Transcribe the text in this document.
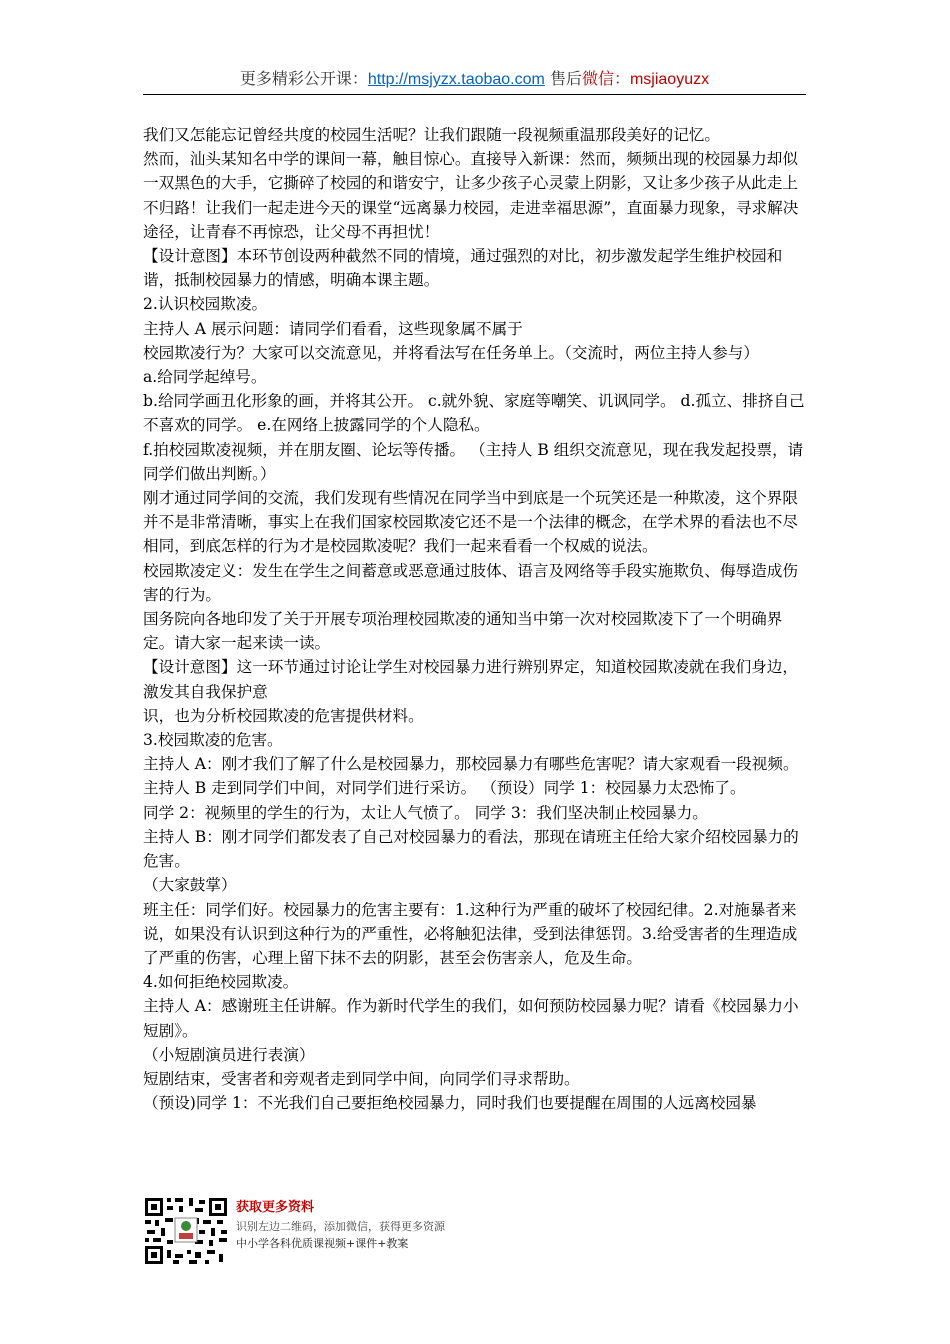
更多精彩公开课：http://msjyzx.taobao.com 售后微信：msjiaoyuzx

我们又怎能忘记曾经共度的校园生活呢？让我们跟随一段视频重温那段美好的记忆。

然而，汕头某知名中学的课间一幕，触目惊心。直接导入新课：然而，频频出现的校园暴力却似一双黑色的大手，它撕碎了校园的和谐安宁，让多少孩子心灵蒙上阴影，又让多少孩子从此走上不归路！让我们一起走进今天的课堂“远离暴力校园，走进幸福思源”，直面暴力现象，寻求解决途径，让青春不再惊恐，让父母不再担忧！

【设计意图】本环节创设两种截然不同的情境，通过强烈的对比，初步激发起学生维护校园和谐，抵制校园暴力的情感，明确本课主题。

2.认识校园欺凌。

主持人 A 展示问题：请同学们看看，这些现象属不属于

校园欺凌行为？大家可以交流意见，并将看法写在任务单上。（交流时，两位主持人参与）

a.给同学起绰号。

b.给同学画丑化形象的画，并将其公开。 c.就外貌、家庭等嘲笑、讥讽同学。 d.孤立、排挤自己不喜欢的同学。 e.在网络上披露同学的个人隐私。

f.拍校园欺凌视频，并在朋友圈、论坛等传播。 （主持人 B 组织交流意见，现在我发起投票，请同学们做出判断。）

刚才通过同学间的交流，我们发现有些情况在同学当中到底是一个玩笑还是一种欺凌，这个界限并不是非常清晰，事实上在我们国家校园欺凌它还不是一个法律的概念，在学术界的看法也不尽相同，到底怎样的行为才是校园欺凌呢？我们一起来看看一个权威的说法。

校园欺凌定义：发生在学生之间蓄意或恶意通过肢体、语言及网络等手段实施欺负、侮辱造成伤害的行为。

国务院向各地印发了关于开展专项治理校园欺凌的通知当中第一次对校园欺凌下了一个明确界定。请大家一起来读一读。

【设计意图】这一环节通过讨论让学生对校园暴力进行辨别界定，知道校园欺凌就在我们身边，激发其自我保护意

识，也为分析校园欺凌的危害提供材料。

3.校园欺凌的危害。

主持人 A：刚才我们了解了什么是校园暴力，那校园暴力有哪些危害呢？请大家观看一段视频。

主持人 B 走到同学们中间，对同学们进行采访。 （预设）同学 1：校园暴力太恐怖了。

同学 2：视频里的学生的行为，太让人气愤了。 同学 3：我们坚决制止校园暴力。

主持人 B：刚才同学们都发表了自己对校园暴力的看法，那现在请班主任给大家介绍校园暴力的危害。

（大家鼓掌）

班主任：同学们好。校园暴力的危害主要有：1.这种行为严重的破坏了校园纪律。2.对施暴者来说，如果没有认识到这种行为的严重性，必将触犯法律，受到法律惩罚。3.给受害者的生理造成了严重的伤害，心理上留下抹不去的阴影，甚至会伤害亲人，危及生命。

4.如何拒绝校园欺凌。

主持人 A：感谢班主任讲解。作为新时代学生的我们，如何预防校园暴力呢？请看《校园暴力小短剧》。

（小短剧演员进行表演）

短剧结束，受害者和旁观者走到同学中间，向同学们寻求帮助。

（预设)同学 1：不光我们自己要拒绝校园暴力，同时我们也要提醒在周围的人远离校园暴

获取更多资料
识别左边二维码，添加微信，获得更多资源
中小学各科优质课视频+课件+教案
